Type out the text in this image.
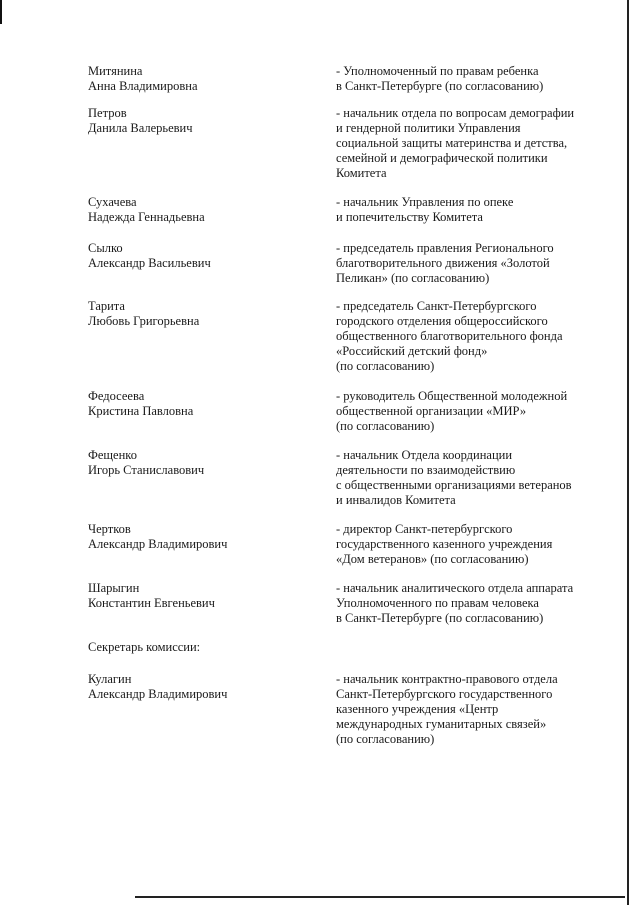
Митянина
Анна Владимировна
- Уполномоченный по правам ребенка
в Санкт-Петербурге (по согласованию)
Петров
Данила Валерьевич
- начальник отдела по вопросам демографии
и гендерной политики Управления
социальной защиты материнства и детства,
семейной и демографической политики
Комитета
Сухачева
Надежда Геннадьевна
- начальник Управления по опеке
и попечительству Комитета
Сылко
Александр Васильевич
- председатель правления Регионального
благотворительного движения «Золотой
Пеликан» (по согласованию)
Тарита
Любовь Григорьевна
- председатель Санкт-Петербургского
городского отделения общероссийского
общественного благотворительного фонда
«Российский детский фонд»
(по согласованию)
Федосеева
Кристина Павловна
- руководитель Общественной молодежной
общественной организации «МИР»
(по согласованию)
Фещенко
Игорь Станиславович
- начальник Отдела координации
деятельности по взаимодействию
с общественными организациями ветеранов
и инвалидов Комитета
Чертков
Александр Владимирович
- директор Санкт-петербургского
государственного казенного учреждения
«Дом ветеранов» (по согласованию)
Шарыгин
Константин Евгеньевич
- начальник аналитического отдела аппарата
Уполномоченного по правам человека
в Санкт-Петербурге (по согласованию)
Секретарь комиссии:
Кулагин
Александр Владимирович
- начальник контрактно-правового отдела
Санкт-Петербургского государственного
казенного учреждения «Центр
международных гуманитарных связей»
(по согласованию)
